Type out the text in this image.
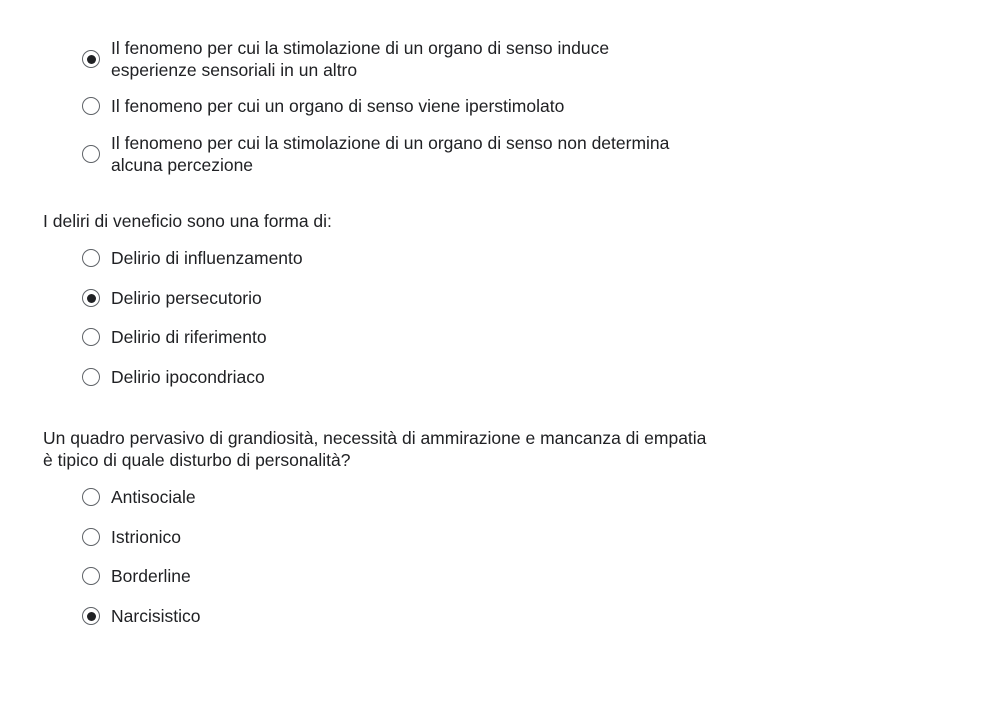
Il fenomeno per cui la stimolazione di un organo di senso induce esperienze sensoriali in un altro
Il fenomeno per cui un organo di senso viene iperstimolato
Il fenomeno per cui la stimolazione di un organo di senso non determina alcuna percezione

I deliri di veneficio sono una forma di:

Delirio di influenzamento
Delirio persecutorio
Delirio di riferimento
Delirio ipocondriaco

Un quadro pervasivo di grandiosità, necessità di ammirazione e mancanza di empatia è tipico di quale disturbo di personalità?

Antisociale
Istrionico
Borderline
Narcisistico
